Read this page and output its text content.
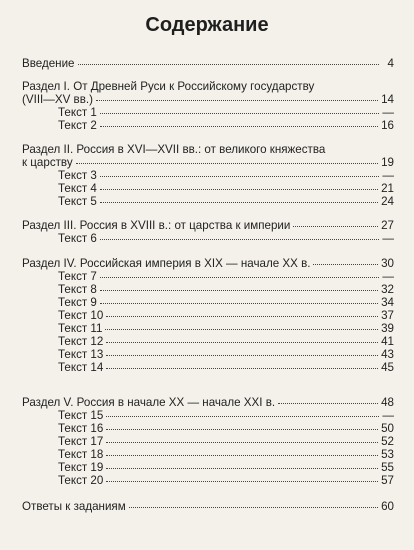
Содержание
Введение	4
Раздел I. От Древней Руси к Российскому государству
(VIII—XV вв.)	14
Текст 1	—
Текст 2	16
Раздел II. Россия в XVI—XVII вв.: от великого княжества
к царству	19
Текст 3	—
Текст 4	21
Текст 5	24
Раздел III. Россия в XVIII в.: от царства к империи	27
Текст 6	—
Раздел IV. Российская империя в XIX — начале XX в.	30
Текст 7	—
Текст 8	32
Текст 9	34
Текст 10	37
Текст 11	39
Текст 12	41
Текст 13	43
Текст 14	45
Раздел V. Россия в начале XX — начале XXI в.	48
Текст 15	—
Текст 16	50
Текст 17	52
Текст 18	53
Текст 19	55
Текст 20	57
Ответы к заданиям	60
